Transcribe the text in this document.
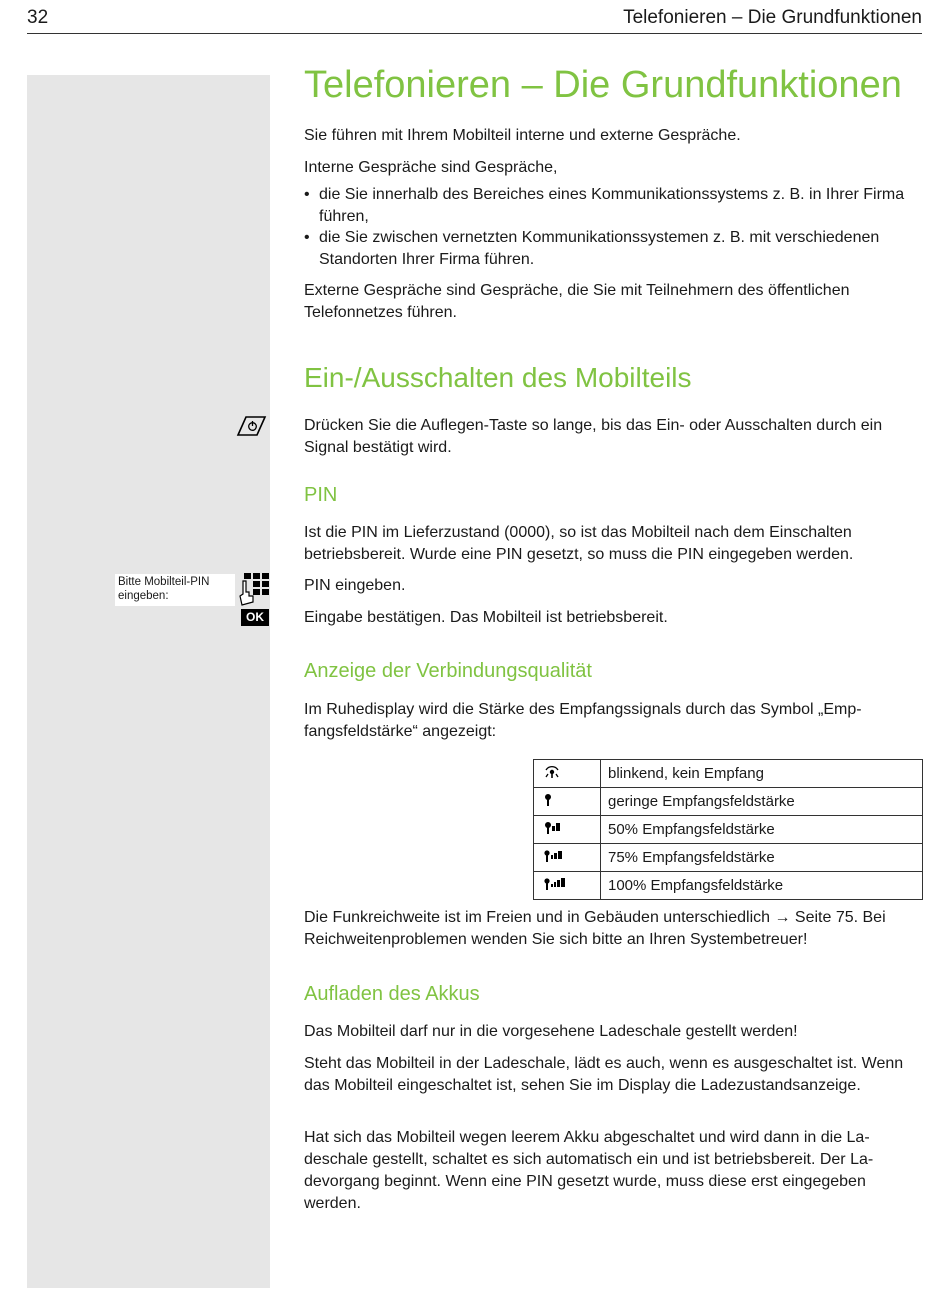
32	Telefonieren – Die Grundfunktionen
Telefonieren – Die Grundfunktionen

Sie führen mit Ihrem Mobilteil interne und externe Gespräche.

Interne Gespräche sind Gespräche,

• die Sie innerhalb des Bereiches eines Kommunikationssystems z. B. in Ihrer Firma führen,
• die Sie zwischen vernetzten Kommunikationssystemen z. B. mit verschiedenen Standorten Ihrer Firma führen.

Externe Gespräche sind Gespräche, die Sie mit Teilnehmern des öffentlichen Telefonnetzes führen.

Ein-/Ausschalten des Mobilteils

Drücken Sie die Auflegen-Taste so lange, bis das Ein- oder Ausschalten durch ein Signal bestätigt wird.

PIN

Ist die PIN im Lieferzustand (0000), so ist das Mobilteil nach dem Einschalten betriebsbereit. Wurde eine PIN gesetzt, so muss die PIN eingegeben werden.

Bitte Mobilteil-PIN eingeben:

PIN eingeben.

OK	Eingabe bestätigen. Das Mobilteil ist betriebsbereit.

Anzeige der Verbindungsqualität

Im Ruhedisplay wird die Stärke des Empfangssignals durch das Symbol „Empfangsfeldstärke“ angezeigt:

	blinkend, kein Empfang
	geringe Empfangsfeldstärke
	50% Empfangsfeldstärke
	75% Empfangsfeldstärke
	100% Empfangsfeldstärke

Die Funkreichweite ist im Freien und in Gebäuden unterschiedlich → Seite 75. Bei Reichweitenproblemen wenden Sie sich bitte an Ihren Systembetreuer!

Aufladen des Akkus

Das Mobilteil darf nur in die vorgesehene Ladeschale gestellt werden!

Steht das Mobilteil in der Ladeschale, lädt es auch, wenn es ausgeschaltet ist. Wenn das Mobilteil eingeschaltet ist, sehen Sie im Display die Ladezustandsanzeige.

Hat sich das Mobilteil wegen leerem Akku abgeschaltet und wird dann in die Ladeschale gestellt, schaltet es sich automatisch ein und ist betriebsbereit. Der Ladevorgang beginnt. Wenn eine PIN gesetzt wurde, muss diese erst eingegeben werden.
